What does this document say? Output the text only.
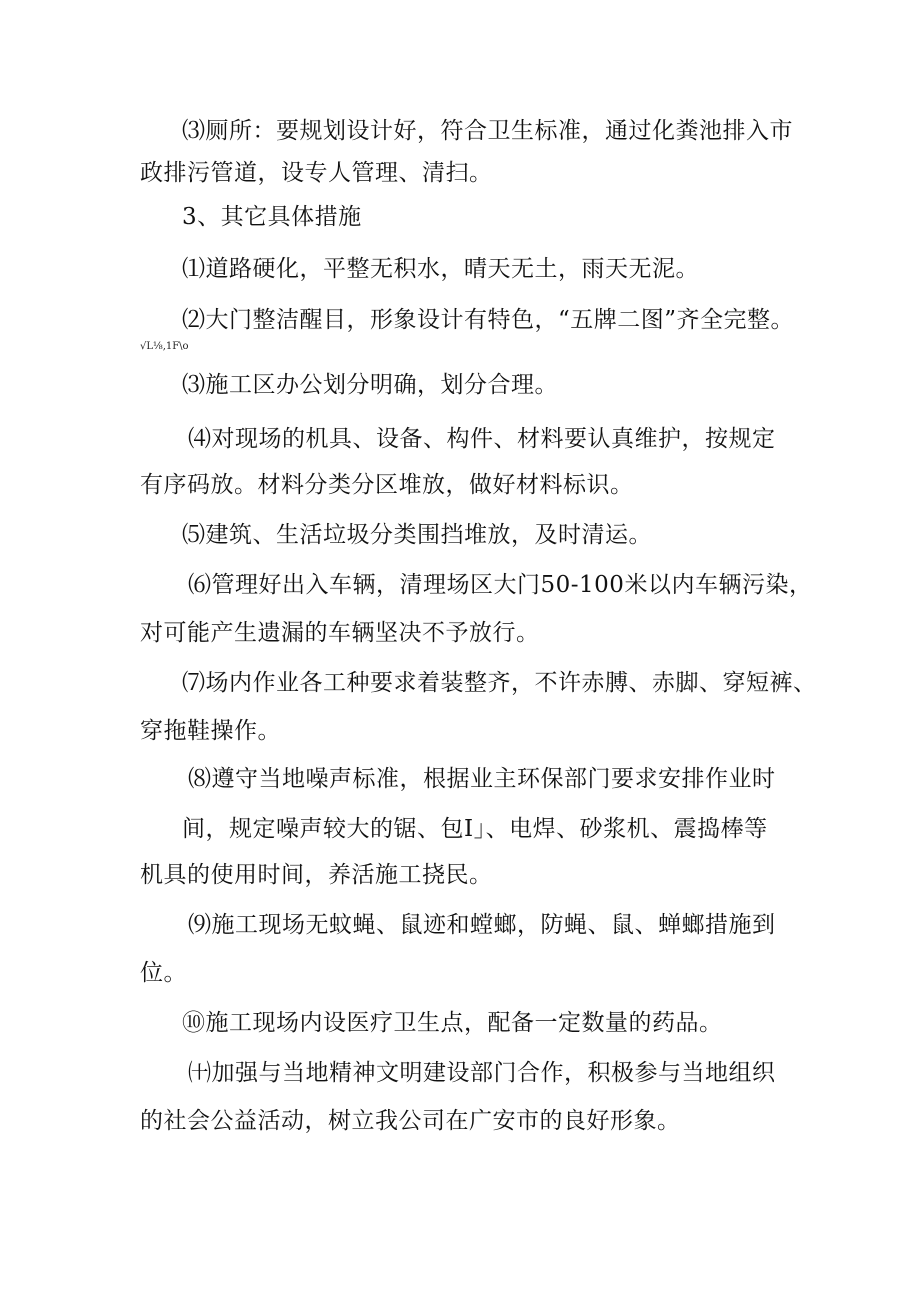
⑶厕所：要规划设计好，符合卫生标准，通过化粪池排入市
政排污管道，设专人管理、清扫。
3、其它具体措施
⑴道路硬化，平整无积水，晴天无土，雨天无泥。
⑵大门整洁醒目，形象设计有特色，“五牌二图”齐全完整。
√L⅛,1F\o
⑶施工区办公划分明确，划分合理。
⑷对现场的机具、设备、构件、材料要认真维护，按规定
有序码放。材料分类分区堆放，做好材料标识。
⑸建筑、生活垃圾分类围挡堆放，及时清运。
⑹管理好出入车辆，清理场区大门50-100米以内车辆污染，
对可能产生遗漏的车辆坚决不予放行。
⑺场内作业各工种要求着装整齐，不许赤膊、赤脚、穿短裤、
穿拖鞋操作。
⑻遵守当地噪声标准，根据业主环保部门要求安排作业时
间，规定噪声较大的锯、包I」、电焊、砂浆机、震捣棒等
机具的使用时间，养活施工挠民。
⑼施工现场无蚊蝇、鼠迹和螳螂，防蝇、鼠、蝉螂措施到
位。
⑩施工现场内设医疗卫生点，配备一定数量的药品。
㈩加强与当地精神文明建设部门合作，积极参与当地组织
的社会公益活动，树立我公司在广安市的良好形象。
